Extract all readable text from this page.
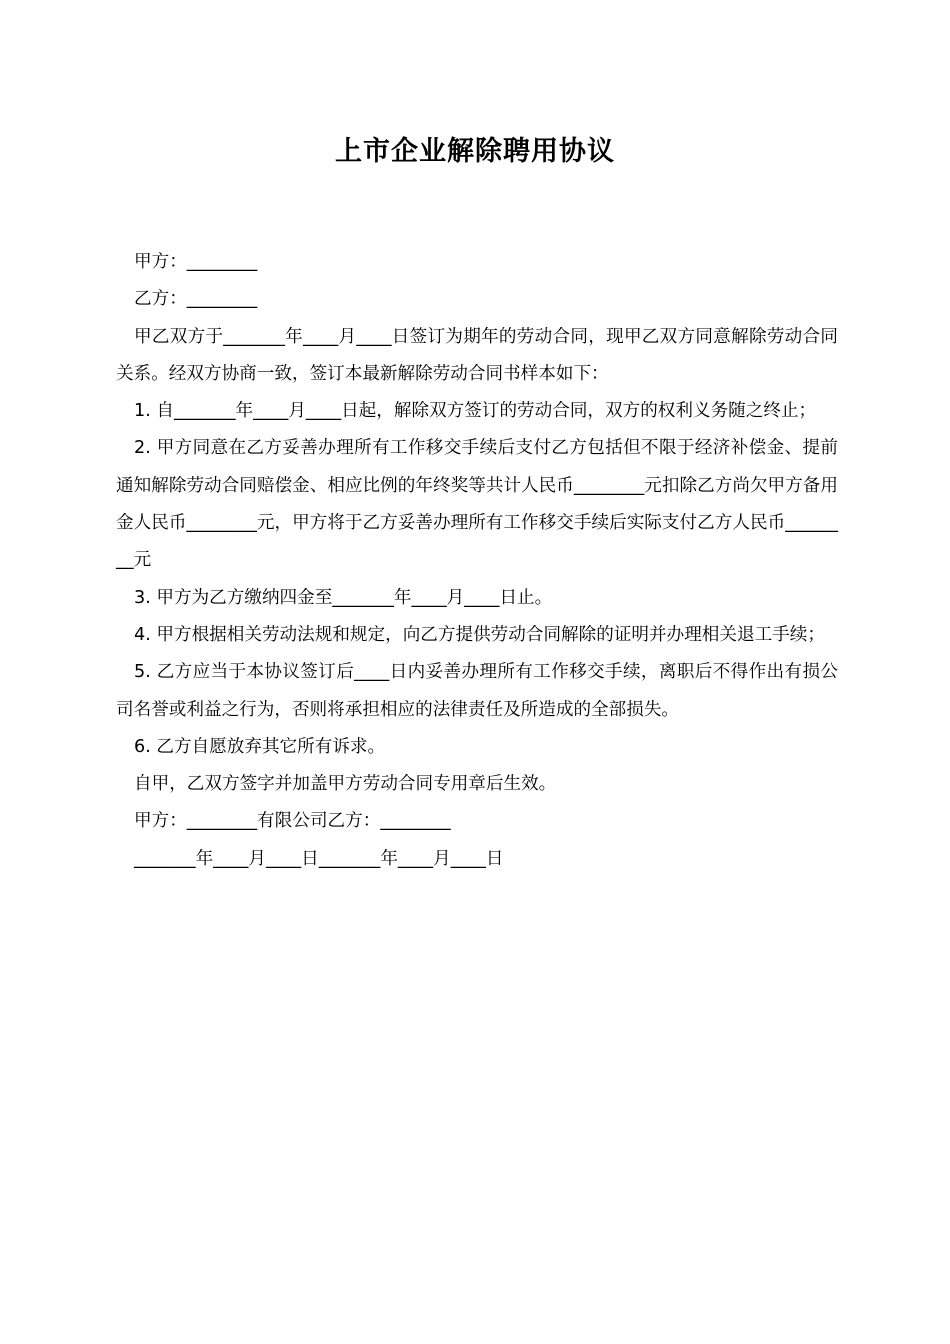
上市企业解除聘用协议

甲方：________

乙方：________

甲乙双方于_______年____月____日签订为期年的劳动合同，现甲乙双方同意解除劳动合同关系。经双方协商一致，签订本最新解除劳动合同书样本如下：

1. 自_______年____月____日起，解除双方签订的劳动合同，双方的权利义务随之终止；

2. 甲方同意在乙方妥善办理所有工作移交手续后支付乙方包括但不限于经济补偿金、提前通知解除劳动合同赔偿金、相应比例的年终奖等共计人民币________元扣除乙方尚欠甲方备用金人民币________元，甲方将于乙方妥善办理所有工作移交手续后实际支付乙方人民币________元

3. 甲方为乙方缴纳四金至_______年____月____日止。

4. 甲方根据相关劳动法规和规定，向乙方提供劳动合同解除的证明并办理相关退工手续；

5. 乙方应当于本协议签订后____日内妥善办理所有工作移交手续，离职后不得作出有损公司名誉或利益之行为，否则将承担相应的法律责任及所造成的全部损失。

6. 乙方自愿放弃其它所有诉求。

自甲，乙双方签字并加盖甲方劳动合同专用章后生效。

甲方：________有限公司乙方：________

_______年____月____日_______年____月____日
